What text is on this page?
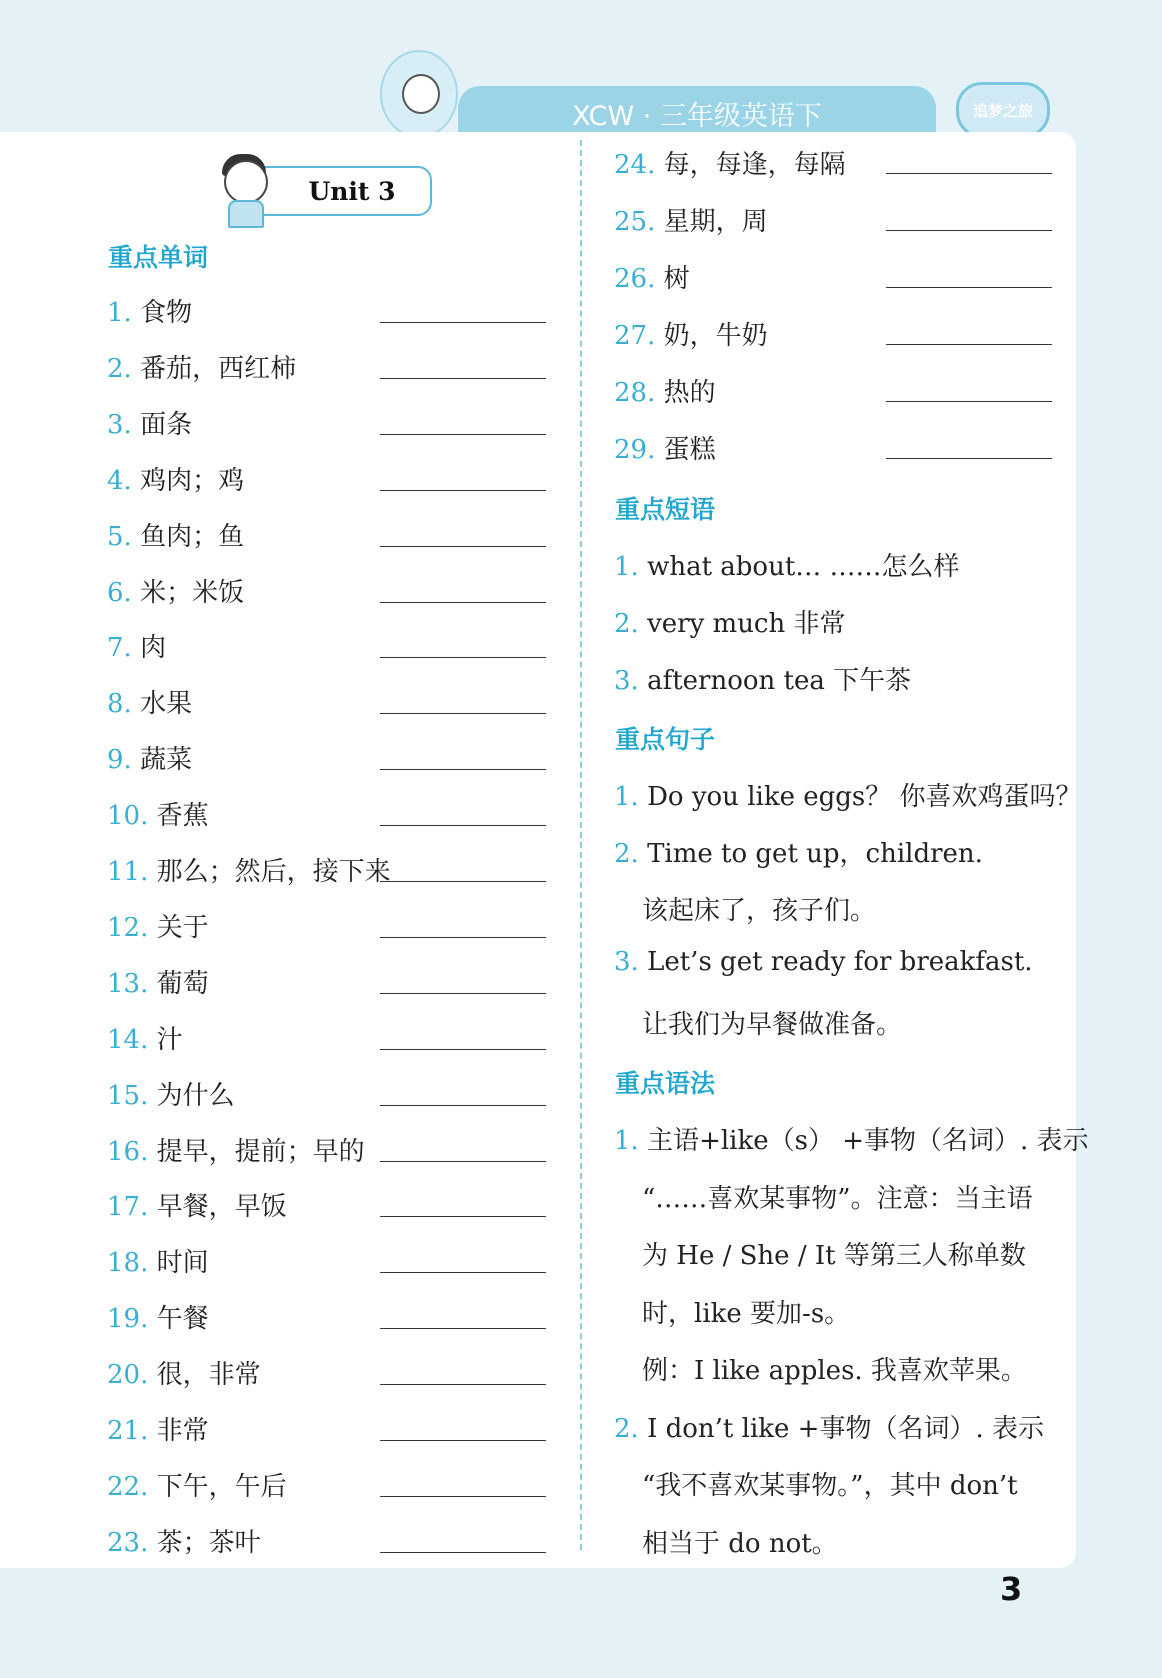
XCW · 三年级英语下	追梦之旅
Unit 3
重点单词
重点短语
重点句子
重点语法
1. 食物
2. 番茄，西红柿
3. 面条
4. 鸡肉；鸡
5. 鱼肉；鱼
6. 米；米饭
7. 肉
8. 水果
9. 蔬菜
10. 香蕉
11. 那么；然后，接下来
12. 关于
13. 葡萄
14. 汁
15. 为什么
16. 提早，提前；早的
17. 早餐，早饭
18. 时间
19. 午餐
20. 很，非常
21. 非常
22. 下午，午后
23. 茶；茶叶
24. 每，每逢，每隔
25. 星期，周
26. 树
27. 奶，牛奶
28. 热的
29. 蛋糕
1. what about… ……怎么样
2. very much 非常
3. afternoon tea 下午茶
1. Do you like eggs？ 你喜欢鸡蛋吗？
2. Time to get up，children.
该起床了，孩子们。
3. Let’s get ready for breakfast.
让我们为早餐做准备。
1. 主语+like（s） +事物（名词）. 表示
“……喜欢某事物”。注意：当主语
为 He / She / It 等第三人称单数
时，like 要加-s。
例：I like apples. 我喜欢苹果。
2. I don’t like +事物（名词）. 表示
“我不喜欢某事物。”，其中 don’t
相当于 do not。
3
